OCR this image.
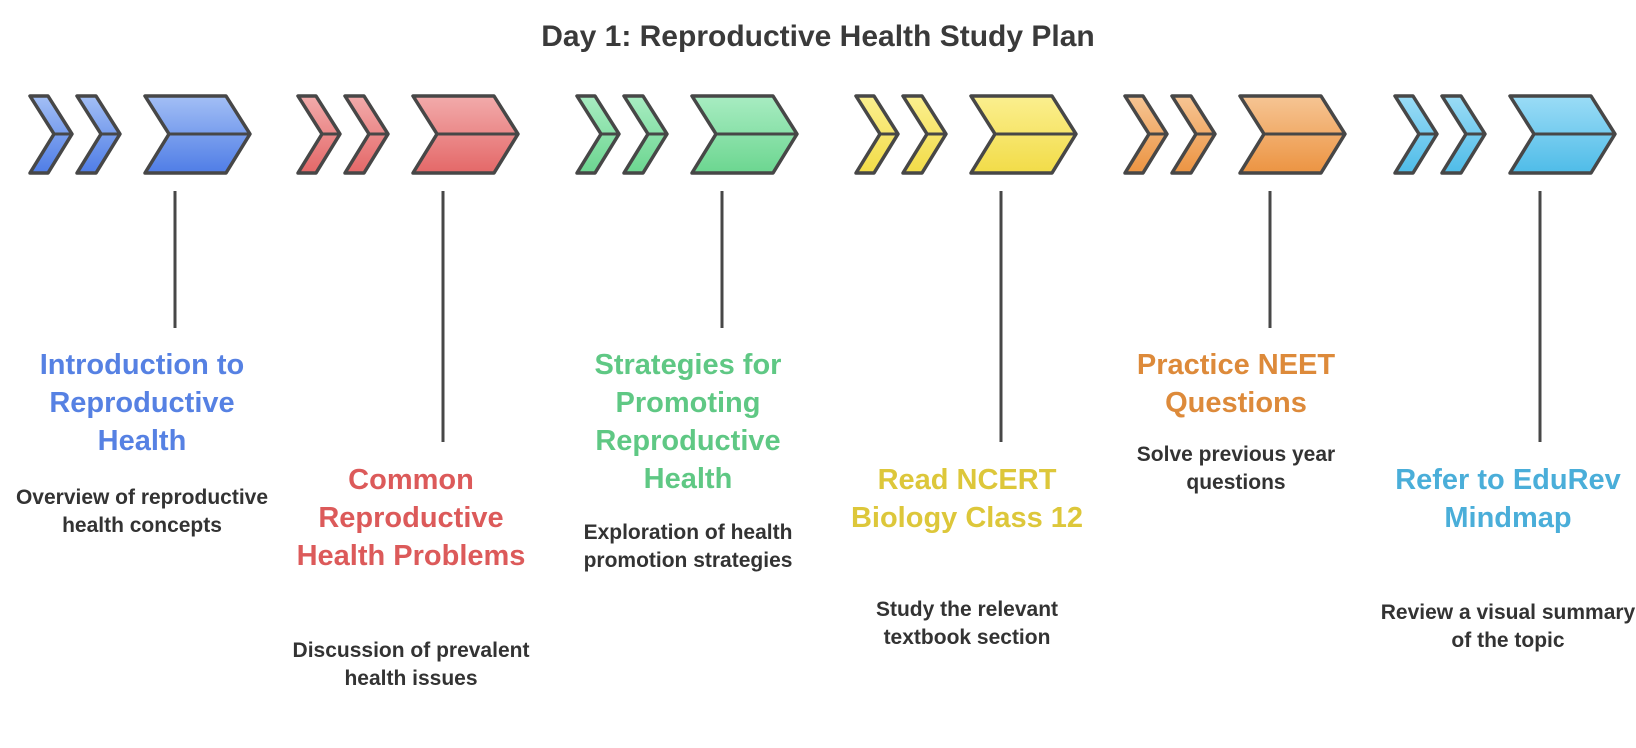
Day 1: Reproductive Health Study Plan
Introduction to Reproductive Health
Overview of reproductive health concepts
Common Reproductive Health Problems
Discussion of prevalent health issues
Strategies for Promoting Reproductive Health
Exploration of health promotion strategies
Read NCERT Biology Class 12
Study the relevant textbook section
Practice NEET Questions
Solve previous year questions	Refer to EduRev Mindmap
Review a visual summary of the topic
